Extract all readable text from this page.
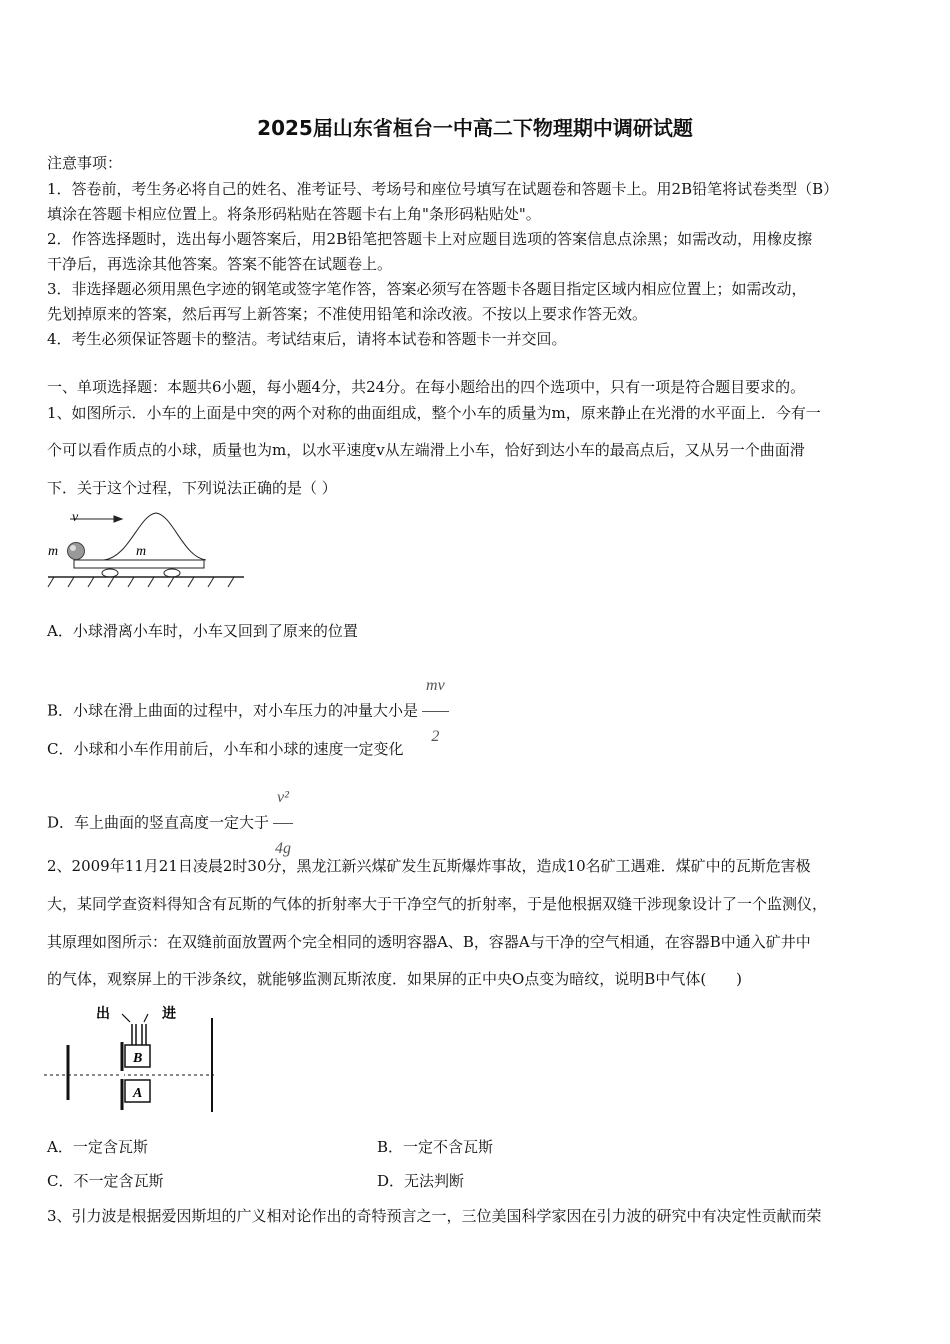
2025届山东省桓台一中高二下物理期中调研试题
注意事项：
1．答卷前，考生务必将自己的姓名、准考证号、考场号和座位号填写在试题卷和答题卡上。用2B铅笔将试卷类型（B）
填涂在答题卡相应位置上。将条形码粘贴在答题卡右上角"条形码粘贴处"。
2．作答选择题时，选出每小题答案后，用2B铅笔把答题卡上对应题目选项的答案信息点涂黑；如需改动，用橡皮擦
干净后，再选涂其他答案。答案不能答在试题卷上。
3．非选择题必须用黑色字迹的钢笔或签字笔作答，答案必须写在答题卡各题目指定区域内相应位置上；如需改动，
先划掉原来的答案，然后再写上新答案；不准使用铅笔和涂改液。不按以上要求作答无效。
4．考生必须保证答题卡的整洁。考试结束后，请将本试卷和答题卡一并交回。
一、单项选择题：本题共6小题，每小题4分，共24分。在每小题给出的四个选项中，只有一项是符合题目要求的。
1、如图所示．小车的上面是中突的两个对称的曲面组成，整个小车的质量为m，原来静止在光滑的水平面上．今有一
个可以看作质点的小球，质量也为m，以水平速度v从左端滑上小车，恰好到达小车的最高点后，又从另一个曲面滑
下．关于这个过程，下列说法正确的是（ ）
v
m	m
A．小球滑离小车时，小车又回到了原来的位置
B．小球在滑上曲面的过程中，对小车压力的冲量大小是 $\frac{mv}{2}$
C．小球和小车作用前后，小车和小球的速度一定变化
D．车上曲面的竖直高度一定大于 $\frac{\text{v²}}{4g}$
2、2009年11月21日凌晨2时30分，黑龙江新兴煤矿发生瓦斯爆炸事故，造成10名矿工遇难．煤矿中的瓦斯危害极
大，某同学查资料得知含有瓦斯的气体的折射率大于干净空气的折射率，于是他根据双缝干涉现象设计了一个监测仪，
其原理如图所示：在双缝前面放置两个完全相同的透明容器A、B，容器A与干净的空气相通，在容器B中通入矿井中
的气体，观察屏上的干涉条纹，就能够监测瓦斯浓度．如果屏的正中央O点变为暗纹，说明B中气体(　　)
出	进
B
A
A．一定含瓦斯	B．一定不含瓦斯
C．不一定含瓦斯	D．无法判断
3、引力波是根据爱因斯坦的广义相对论作出的奇特预言之一，三位美国科学家因在引力波的研究中有决定性贡献而荣
